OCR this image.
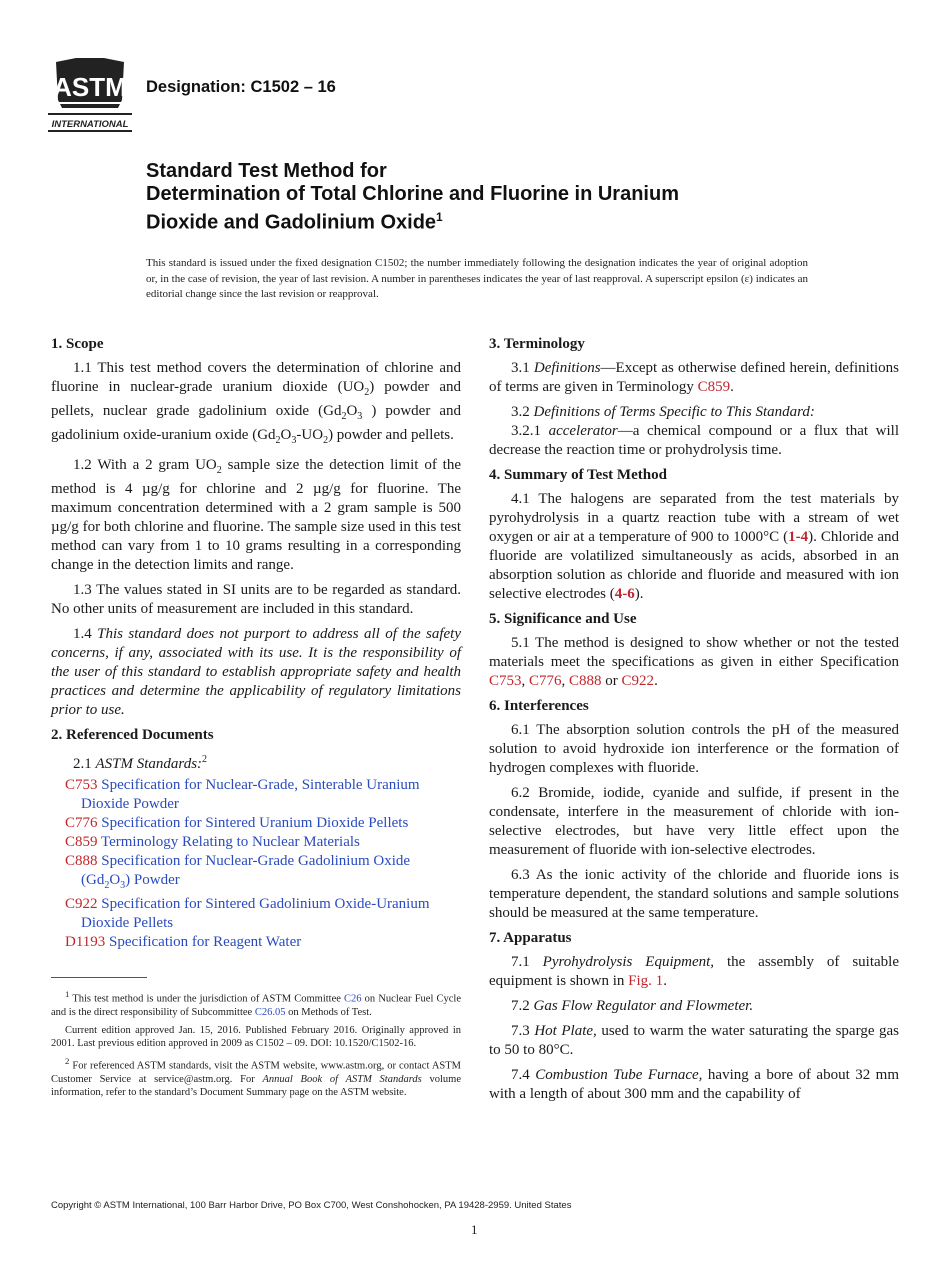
ASTM
INTERNATIONAL
Designation: C1502 – 16
Standard Test Method for
Determination of Total Chlorine and Fluorine in Uranium
Dioxide and Gadolinium Oxide$^1$
This standard is issued under the fixed designation C1502; the number immediately following the designation indicates the year of original adoption or, in the case of revision, the year of last revision. A number in parentheses indicates the year of last reapproval. A superscript epsilon (ε) indicates an editorial change since the last revision or reapproval.
1. Scope
1.1 This test method covers the determination of chlorine and fluorine in nuclear-grade uranium dioxide $(UO_2)$ powder and pellets, nuclear grade gadolinium oxide ($Gd_2O_3$ ) powder and gadolinium oxide-uranium oxide $(Gd_2O_3-UO_2)$ powder and pellets.
1.2 With a 2 gram $UO_2$ sample size the detection limit of the method is 4 µg/g for chlorine and 2 µg/g for fluorine. The maximum concentration determined with a 2 gram sample is 500 µg/g for both chlorine and fluorine. The sample size used in this test method can vary from 1 to 10 grams resulting in a corresponding change in the detection limits and range.
1.3 The values stated in SI units are to be regarded as standard. No other units of measurement are included in this standard.
1.4 This standard does not purport to address all of the safety concerns, if any, associated with its use. It is the responsibility of the user of this standard to establish appropriate safety and health practices and determine the applicability of regulatory limitations prior to use.
2. Referenced Documents
2.1 ASTM Standards:$^2$
C753 Specification for Nuclear-Grade, Sinterable Uranium Dioxide Powder
C776 Specification for Sintered Uranium Dioxide Pellets
C859 Terminology Relating to Nuclear Materials
C888 Specification for Nuclear-Grade Gadolinium Oxide $(Gd_2O_3)$ Powder
C922 Specification for Sintered Gadolinium Oxide-Uranium Dioxide Pellets
D1193 Specification for Reagent Water

$^1$ This test method is under the jurisdiction of ASTM Committee C26 on Nuclear Fuel Cycle and is the direct responsibility of Subcommittee C26.05 on Methods of Test.

Current edition approved Jan. 15, 2016. Published February 2016. Originally approved in 2001. Last previous edition approved in 2009 as C1502 – 09. DOI: 10.1520/C1502-16.

$^2$ For referenced ASTM standards, visit the ASTM website, www.astm.org, or contact ASTM Customer Service at service@astm.org. For Annual Book of ASTM Standards volume information, refer to the standard’s Document Summary page on the ASTM website.

3. Terminology
3.1 Definitions—Except as otherwise defined herein, definitions of terms are given in Terminology C859.
3.2 Definitions of Terms Specific to This Standard:
3.2.1 accelerator—a chemical compound or a flux that will decrease the reaction time or prohydrolysis time.
4. Summary of Test Method
4.1 The halogens are separated from the test materials by pyrohydrolysis in a quartz reaction tube with a stream of wet oxygen or air at a temperature of 900 to 1000°C (1-4). Chloride and fluoride are volatilized simultaneously as acids, absorbed in an absorption solution as chloride and fluoride and measured with ion selective electrodes (4-6).
5. Significance and Use
5.1 The method is designed to show whether or not the tested materials meet the specifications as given in either Specification C753, C776, C888 or C922.
6. Interferences
6.1 The absorption solution controls the pH of the measured solution to avoid hydroxide ion interference or the formation of hydrogen complexes with fluoride.
6.2 Bromide, iodide, cyanide and sulfide, if present in the condensate, interfere in the measurement of chloride with ion-selective electrodes, but have very little effect upon the measurement of fluoride with ion-selective electrodes.
6.3 As the ionic activity of the chloride and fluoride ions is temperature dependent, the standard solutions and sample solutions should be measured at the same temperature.
7. Apparatus
7.1 Pyrohydrolysis Equipment, the assembly of suitable equipment is shown in Fig. 1.
7.2 Gas Flow Regulator and Flowmeter.
7.3 Hot Plate, used to warm the water saturating the sparge gas to 50 to 80°C.
7.4 Combustion Tube Furnace, having a bore of about 32 mm with a length of about 300 mm and the capability of
Copyright © ASTM International, 100 Barr Harbor Drive, PO Box C700, West Conshohocken, PA 19428-2959. United States
1
